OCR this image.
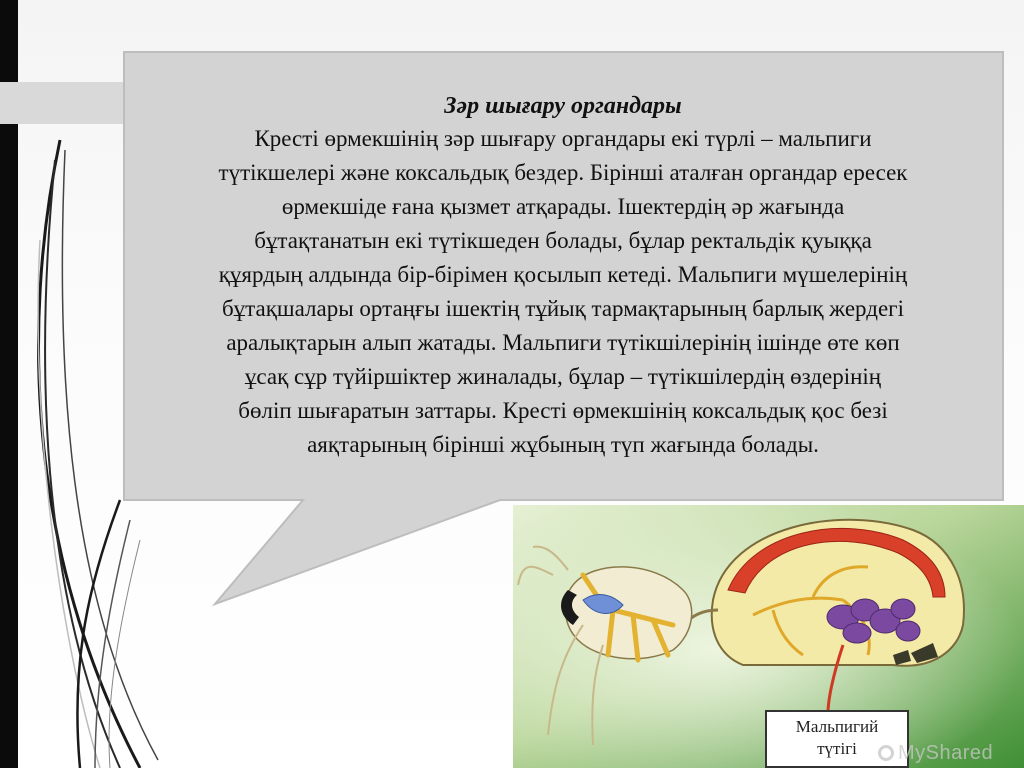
Зәр шығару органдары
Кресті өрмекшінің зәр шығару органдары екі түрлі – мальпиги
түтікшелері және коксальдық бездер. Бірінші аталған органдар ересек
өрмекшіде ғана қызмет атқарады. Ішектердің әр жағында
бұтақтанатын екі түтікшеден болады, бұлар ректальдік қуыққа
құярдың алдында бір-бірімен қосылып кетеді. Мальпиги мүшелерінің
бұтақшалары ортаңғы ішектің тұйық тармақтарының барлық жердегі
аралықтарын алып жатады. Мальпиги түтікшілерінің ішінде өте көп
ұсақ сұр түйіршіктер жиналады, бұлар – түтікшілердің өздерінің
бөліп шығаратын заттары. Кресті өрмекшінің коксальдық қос безі
аяқтарының бірінші жұбының түп жағында болады.
Мальпигий
түтігі	MyShared
